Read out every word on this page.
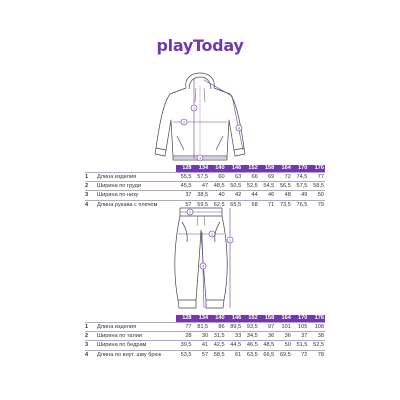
playToday
1
2
3
4
		128	134	140	146	152	158	164	170	176
1	Длина изделия	55,5	57,5	60	63	66	69	72	74,5	77
2	Ширина по груди	45,5	47	48,5	50,5	52,5	54,5	56,5	57,5	58,5
3	Ширина по низу	37	38,5	40	42	44	46	48	49	50
4	Длина рукава с плечом	57	59,5	62,5	65,5	68	71	73,5	76,5	79
1
2
3
4
		128	134	140	146	152	158	164	170	176
1	Длина изделия	77	81,5	86	89,5	93,5	97	101	105	108
2	Ширина по талии	28	30	31,5	33	34,5	36	36	37	38
3	Ширина по бедрам	39,5	41	42,5	44,5	46,5	48,5	50	51,5	52,5
4	Длина по внут. шву брюк	53,5	57	58,5	61	63,5	66,5	69,5	72	78
